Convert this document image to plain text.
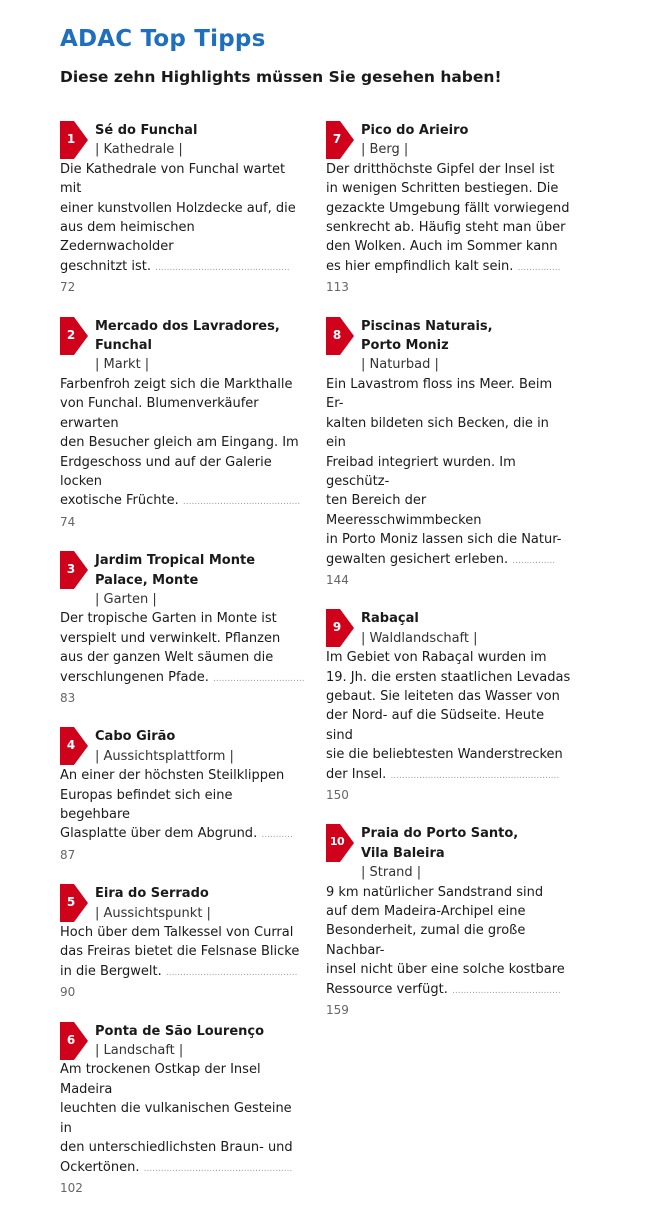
ADAC Top Tipps
Diese zehn Highlights müssen Sie gesehen haben!
1
Sé do Funchal
| Kathedrale |
Die Kathedrale von Funchal wartet mit
einer kunstvollen Holzdecke auf, die
aus dem heimischen Zedernwacholder
geschnitzt ist. ............................................... 72
2
Mercado dos Lavradores,
Funchal
| Markt |
Farbenfroh zeigt sich die Markthalle
von Funchal. Blumenverkäufer erwarten
den Besucher gleich am Eingang. Im
Erdgeschoss und auf der Galerie locken
exotische Früchte. ......................................... 74
3
Jardim Tropical Monte
Palace, Monte
| Garten |
Der tropische Garten in Monte ist
verspielt und verwinkelt. Pflanzen
aus der ganzen Welt säumen die
verschlungenen Pfade. ................................ 83
4
Cabo Girão
| Aussichtsplattform |
An einer der höchsten Steilklippen
Europas befindet sich eine begehbare
Glasplatte über dem Abgrund. ........... 87
5
Eira do Serrado
| Aussichtspunkt |
Hoch über dem Talkessel von Curral
das Freiras bietet die Felsnase Blicke
in die Bergwelt. .............................................. 90
6
Ponta de São Lourenço
| Landschaft |
Am trockenen Ostkap der Insel Madeira
leuchten die vulkanischen Gesteine in
den unterschiedlichsten Braun- und
Ockertönen. .................................................... 102
7
Pico do Arieiro
| Berg |
Der dritthöchste Gipfel der Insel ist
in wenigen Schritten bestiegen. Die
gezackte Umgebung fällt vorwiegend
senkrecht ab. Häufig steht man über
den Wolken. Auch im Sommer kann
es hier empfindlich kalt sein. ............... 113
8
Piscinas Naturais,
Porto Moniz
| Naturbad |
Ein Lavastrom floss ins Meer. Beim Er-
kalten bildeten sich Becken, die in ein
Freibad integriert wurden. Im geschütz-
ten Bereich der Meeresschwimmbecken
in Porto Moniz lassen sich die Natur-
gewalten gesichert erleben. ............... 144
9
Rabaçal
| Waldlandschaft |
Im Gebiet von Rabaçal wurden im
19. Jh. die ersten staatlichen Levadas
gebaut. Sie leiteten das Wasser von
der Nord- auf die Südseite. Heute sind
sie die beliebtesten Wanderstrecken
der Insel. ........................................................... 150
10
Praia do Porto Santo,
Vila Baleira
| Strand |
9 km natürlicher Sandstrand sind
auf dem Madeira-Archipel eine
Besonderheit, zumal die große Nachbar-
insel nicht über eine solche kostbare
Ressource verfügt. ...................................... 159
